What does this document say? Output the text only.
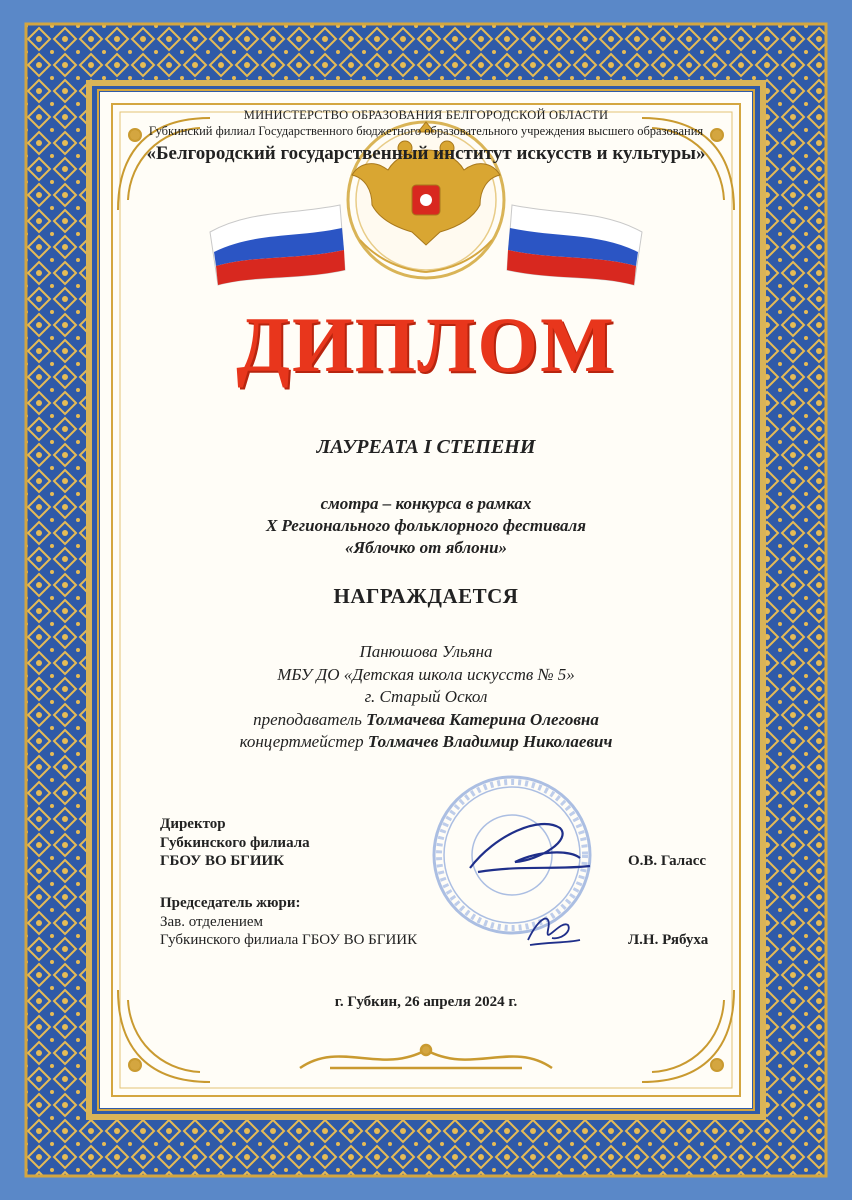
МИНИСТЕРСТВО ОБРАЗОВАНИЯ БЕЛГОРОДСКОЙ ОБЛАСТИ
Губкинский филиал Государственного бюджетного образовательного учреждения высшего образования
«Белгородский государственный институт искусств и культуры»
ДИПЛОМ
ЛАУРЕАТА I СТЕПЕНИ
смотра – конкурса в рамках
Х Регионального фольклорного фестиваля
«Яблочко от яблони»
НАГРАЖДАЕТСЯ
Панюшова Ульяна
МБУ ДО «Детская школа искусств № 5»
г. Старый Оскол
преподаватель Толмачева Катерина Олеговна
концертмейстер Толмачев Владимир Николаевич
Директор
Губкинского филиала
ГБОУ ВО БГИИК	О.В. Галасс
Председатель жюри:
Зав. отделением
Губкинского филиала ГБОУ ВО БГИИК	Л.Н. Рябуха
г. Губкин, 26 апреля 2024 г.
